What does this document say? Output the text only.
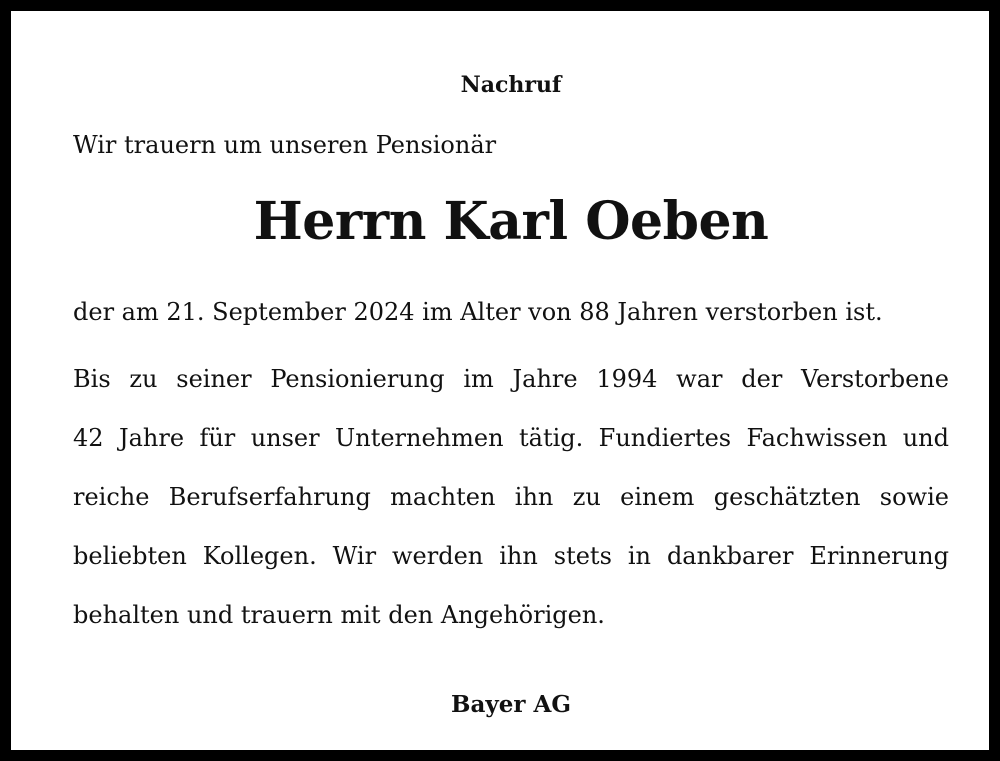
Nachruf
Wir trauern um unseren Pensionär
Herrn Karl Oeben
der am 21. September 2024 im Alter von 88 Jahren verstorben ist.
Bis zu seiner Pensionierung im Jahre 1994 war der Verstorbene
42 Jahre für unser Unternehmen tätig. Fundiertes Fachwissen und
reiche Berufserfahrung machten ihn zu einem geschätzten sowie
beliebten Kollegen. Wir werden ihn stets in dankbarer Erinnerung
behalten und trauern mit den Angehörigen.
Bayer AG
